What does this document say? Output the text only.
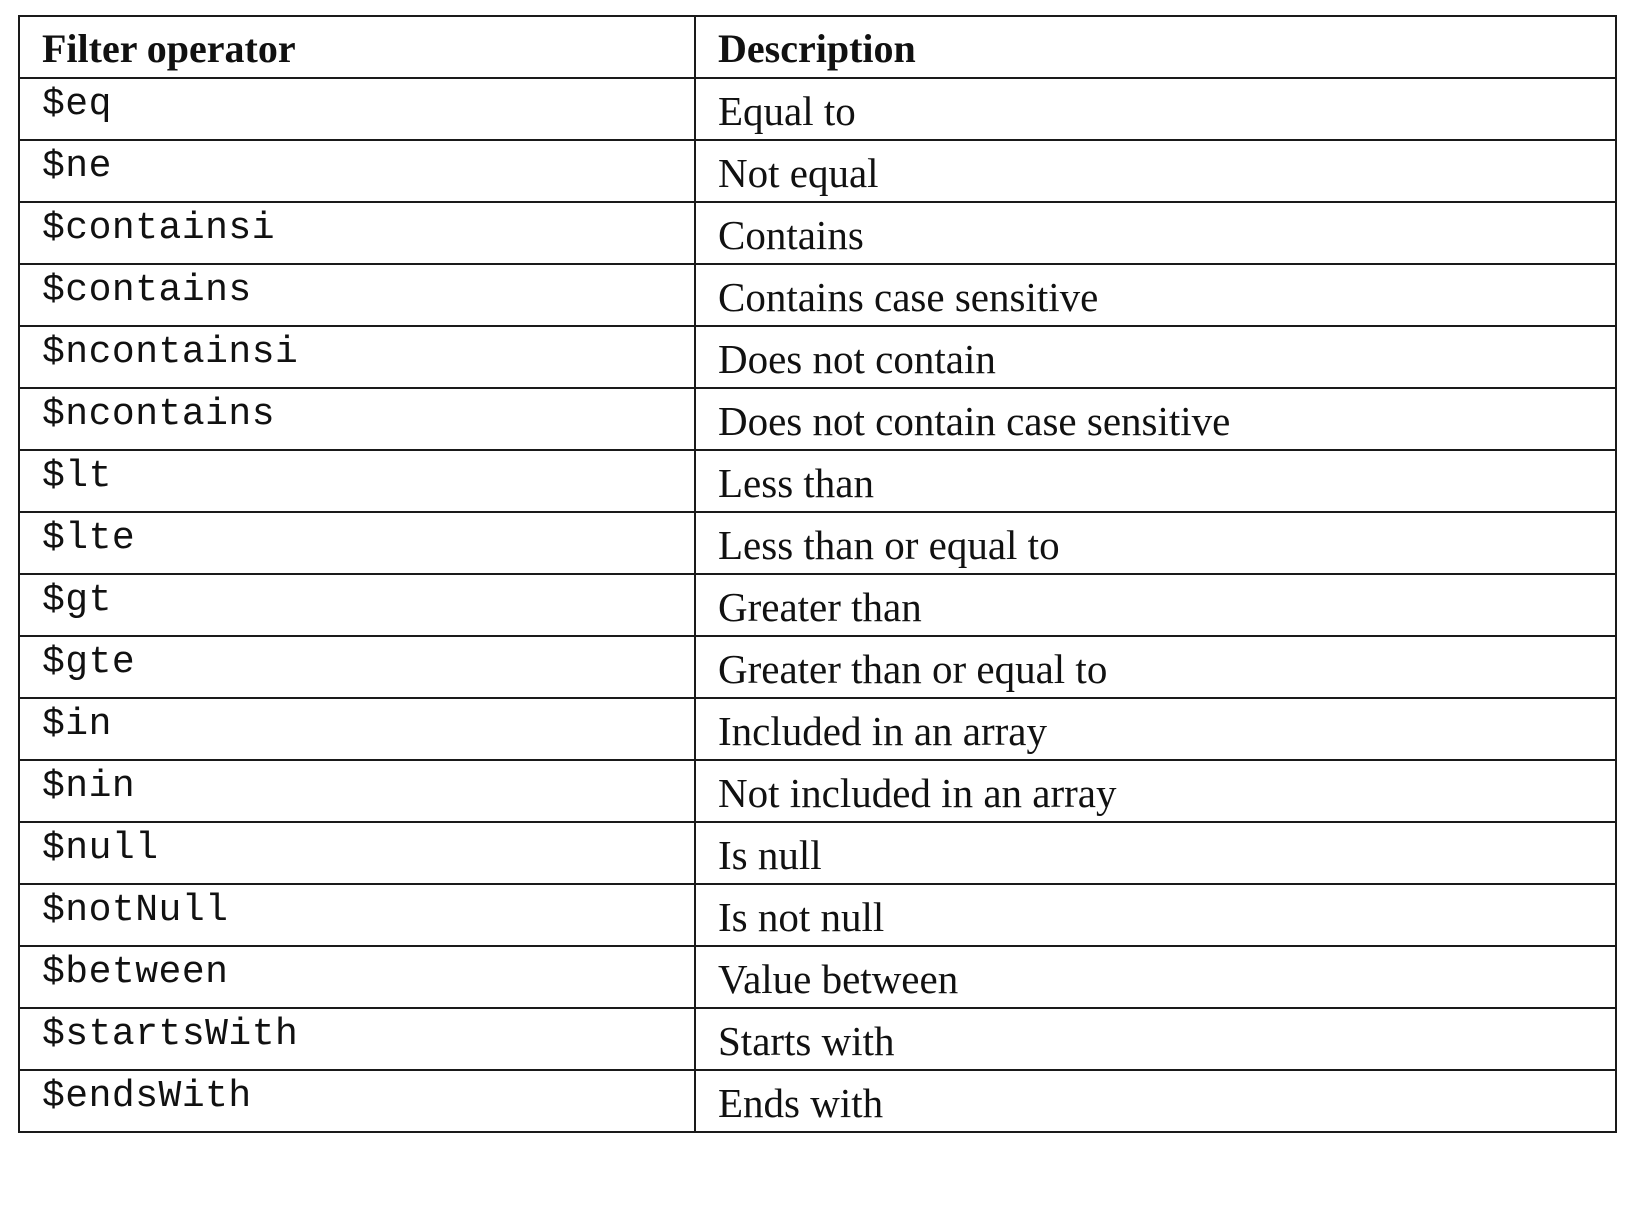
Filter operator	Description
$eq	Equal to
$ne	Not equal
$containsi	Contains
$contains	Contains case sensitive
$ncontainsi	Does not contain
$ncontains	Does not contain case sensitive
$lt	Less than
$lte	Less than or equal to
$gt	Greater than
$gte	Greater than or equal to
$in	Included in an array
$nin	Not included in an array
$null	Is null
$notNull	Is not null
$between	Value between
$startsWith	Starts with
$endsWith	Ends with
